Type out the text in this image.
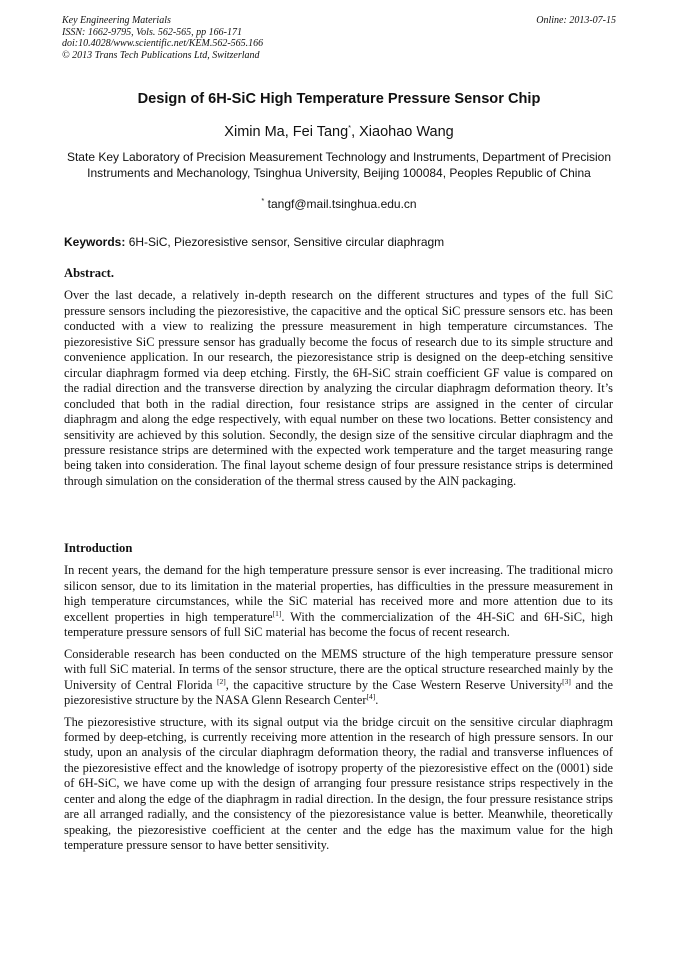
Key Engineering Materials
ISSN: 1662-9795, Vols. 562-565, pp 166-171
doi:10.4028/www.scientific.net/KEM.562-565.166
© 2013 Trans Tech Publications Ltd, Switzerland
Online: 2013-07-15
Design of 6H-SiC High Temperature Pressure Sensor Chip
Ximin Ma, Fei Tang*, Xiaohao Wang
State Key Laboratory of Precision Measurement Technology and Instruments, Department of Precision Instruments and Mechanology, Tsinghua University, Beijing 100084, Peoples Republic of China
* tangf@mail.tsinghua.edu.cn
Keywords: 6H-SiC, Piezoresistive sensor, Sensitive circular diaphragm
Abstract.

Over the last decade, a relatively in-depth research on the different structures and types of the full SiC pressure sensors including the piezoresistive, the capacitive and the optical SiC pressure sensors etc. has been conducted with a view to realizing the pressure measurement in high temperature circumstances. The piezoresistive SiC pressure sensor has gradually become the focus of research due to its simple structure and convenience application. In our research, the piezoresistance strip is designed on the deep-etching sensitive circular diaphragm formed via deep etching. Firstly, the 6H-SiC strain coefficient GF value is compared on the radial direction and the transverse direction by analyzing the circular diaphragm deformation theory. It’s concluded that both in the radial direction, four resistance strips are assigned in the center of circular diaphragm and along the edge respectively, with equal number on these two locations. Better consistency and sensitivity are achieved by this solution. Secondly, the design size of the sensitive circular diaphragm and the pressure resistance strips are determined with the expected work temperature and the target measuring range being taken into consideration. The final layout scheme design of four pressure resistance strips is determined through simulation on the consideration of the thermal stress caused by the AlN packaging.

Introduction

In recent years, the demand for the high temperature pressure sensor is ever increasing. The traditional micro silicon sensor, due to its limitation in the material properties, has difficulties in the pressure measurement in high temperature circumstances, while the SiC material has received more and more attention due to its excellent properties in high temperature[1]. With the commercialization of the 4H-SiC and 6H-SiC, high temperature pressure sensors of full SiC material has become the focus of recent research.

Considerable research has been conducted on the MEMS structure of the high temperature pressure sensor with full SiC material. In terms of the sensor structure, there are the optical structure researched mainly by the University of Central Florida [2], the capacitive structure by the Case Western Reserve University[3] and the piezoresistive structure by the NASA Glenn Research Center[4].

The piezoresistive structure, with its signal output via the bridge circuit on the sensitive circular diaphragm formed by deep-etching, is currently receiving more attention in the research of high pressure sensors. In our study, upon an analysis of the circular diaphragm deformation theory, the radial and transverse influences of the piezoresistive effect and the knowledge of isotropy property of the piezoresistive effect on the (0001) side of 6H-SiC, we have come up with the design of arranging four pressure resistance strips respectively in the center and along the edge of the diaphragm in radial direction. In the design, the four pressure resistance strips are all arranged radially, and the consistency of the piezoresistance value is better. Meanwhile, theoretically speaking, the piezoresistive coefficient at the center and the edge has the maximum value for the high temperature pressure sensor to have better sensitivity.
